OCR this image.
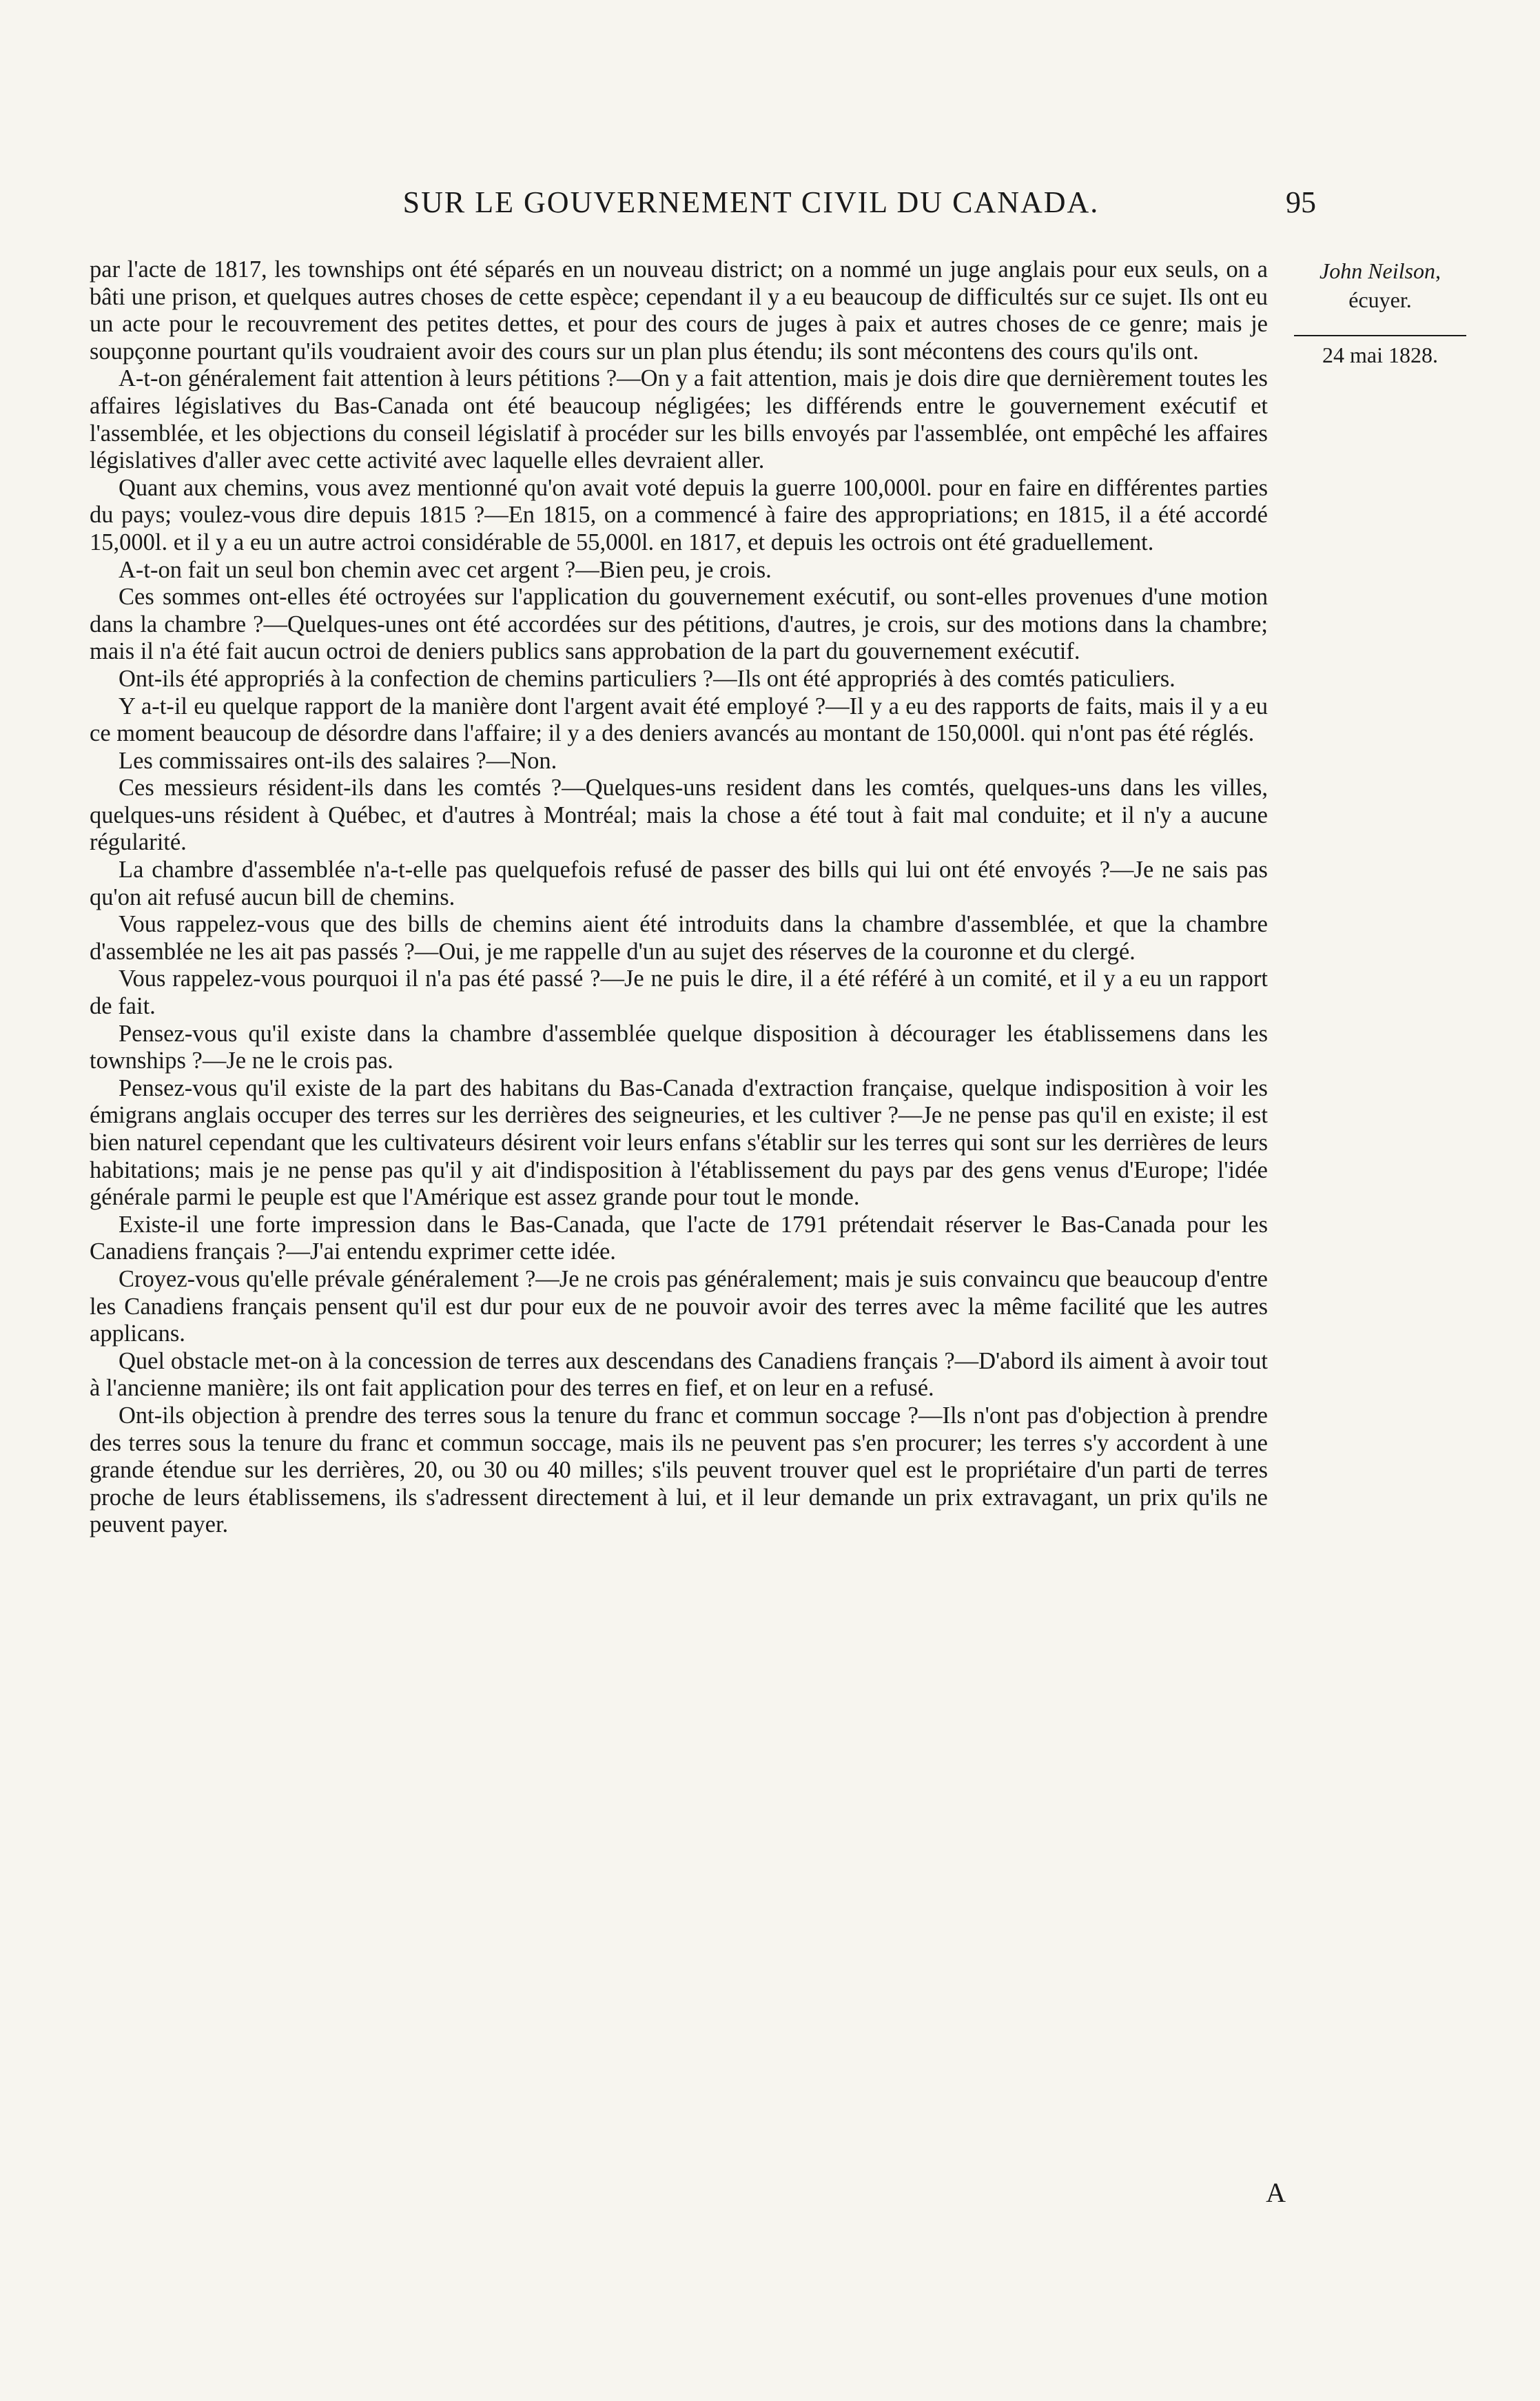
SUR LE GOUVERNEMENT CIVIL DU CANADA.	95
John Neilson,
écuyer.
24 mai 1828.

par l'acte de 1817, les townships ont été séparés en un nouveau district; on a nommé un juge anglais pour eux seuls, on a bâti une prison, et quelques autres choses de cette espèce; cependant il y a eu beaucoup de difficultés sur ce sujet. Ils ont eu un acte pour le recouvrement des petites dettes, et pour des cours de juges à paix et autres choses de ce genre; mais je soupçonne pourtant qu'ils voudraient avoir des cours sur un plan plus étendu; ils sont mécontens des cours qu'ils ont.

A-t-on généralement fait attention à leurs pétitions ?—On y a fait attention, mais je dois dire que dernièrement toutes les affaires législatives du Bas-Canada ont été beaucoup négligées; les différends entre le gouvernement exécutif et l'assemblée, et les objections du conseil législatif à procéder sur les bills envoyés par l'assemblée, ont empêché les affaires législatives d'aller avec cette activité avec laquelle elles devraient aller.

Quant aux chemins, vous avez mentionné qu'on avait voté depuis la guerre 100,000l. pour en faire en différentes parties du pays; voulez-vous dire depuis 1815 ?—En 1815, on a commencé à faire des appropriations; en 1815, il a été accordé 15,000l. et il y a eu un autre actroi considérable de 55,000l. en 1817, et depuis les octrois ont été graduellement.

A-t-on fait un seul bon chemin avec cet argent ?—Bien peu, je crois.

Ces sommes ont-elles été octroyées sur l'application du gouvernement exécutif, ou sont-elles provenues d'une motion dans la chambre ?—Quelques-unes ont été accordées sur des pétitions, d'autres, je crois, sur des motions dans la chambre; mais il n'a été fait aucun octroi de deniers publics sans approbation de la part du gouvernement exécutif.

Ont-ils été appropriés à la confection de chemins particuliers ?—Ils ont été appropriés à des comtés paticuliers.

Y a-t-il eu quelque rapport de la manière dont l'argent avait été employé ?—Il y a eu des rapports de faits, mais il y a eu ce moment beaucoup de désordre dans l'affaire; il y a des deniers avancés au montant de 150,000l. qui n'ont pas été réglés.

Les commissaires ont-ils des salaires ?—Non.

Ces messieurs résident-ils dans les comtés ?—Quelques-uns resident dans les comtés, quelques-uns dans les villes, quelques-uns résident à Québec, et d'autres à Montréal; mais la chose a été tout à fait mal conduite; et il n'y a aucune régularité.

La chambre d'assemblée n'a-t-elle pas quelquefois refusé de passer des bills qui lui ont été envoyés ?—Je ne sais pas qu'on ait refusé aucun bill de chemins.

Vous rappelez-vous que des bills de chemins aient été introduits dans la chambre d'assemblée, et que la chambre d'assemblée ne les ait pas passés ?—Oui, je me rappelle d'un au sujet des réserves de la couronne et du clergé.

Vous rappelez-vous pourquoi il n'a pas été passé ?—Je ne puis le dire, il a été référé à un comité, et il y a eu un rapport de fait.

Pensez-vous qu'il existe dans la chambre d'assemblée quelque disposition à décourager les établissemens dans les townships ?—Je ne le crois pas.

Pensez-vous qu'il existe de la part des habitans du Bas-Canada d'extraction française, quelque indisposition à voir les émigrans anglais occuper des terres sur les derrières des seigneuries, et les cultiver ?—Je ne pense pas qu'il en existe; il est bien naturel cependant que les cultivateurs désirent voir leurs enfans s'établir sur les terres qui sont sur les derrières de leurs habitations; mais je ne pense pas qu'il y ait d'indisposition à l'établissement du pays par des gens venus d'Europe; l'idée générale parmi le peuple est que l'Amérique est assez grande pour tout le monde.

Existe-il une forte impression dans le Bas-Canada, que l'acte de 1791 prétendait réserver le Bas-Canada pour les Canadiens français ?—J'ai entendu exprimer cette idée.

Croyez-vous qu'elle prévale généralement ?—Je ne crois pas généralement; mais je suis convaincu que beaucoup d'entre les Canadiens français pensent qu'il est dur pour eux de ne pouvoir avoir des terres avec la même facilité que les autres applicans.

Quel obstacle met-on à la concession de terres aux descendans des Canadiens français ?—D'abord ils aiment à avoir tout à l'ancienne manière; ils ont fait application pour des terres en fief, et on leur en a refusé.

Ont-ils objection à prendre des terres sous la tenure du franc et commun soccage ?—Ils n'ont pas d'objection à prendre des terres sous la tenure du franc et commun soccage, mais ils ne peuvent pas s'en procurer; les terres s'y accordent à une grande étendue sur les derrières, 20, ou 30 ou 40 milles; s'ils peuvent trouver quel est le propriétaire d'un parti de terres proche de leurs établissemens, ils s'adressent directement à lui, et il leur demande un prix extravagant, un prix qu'ils ne peuvent payer.

A
